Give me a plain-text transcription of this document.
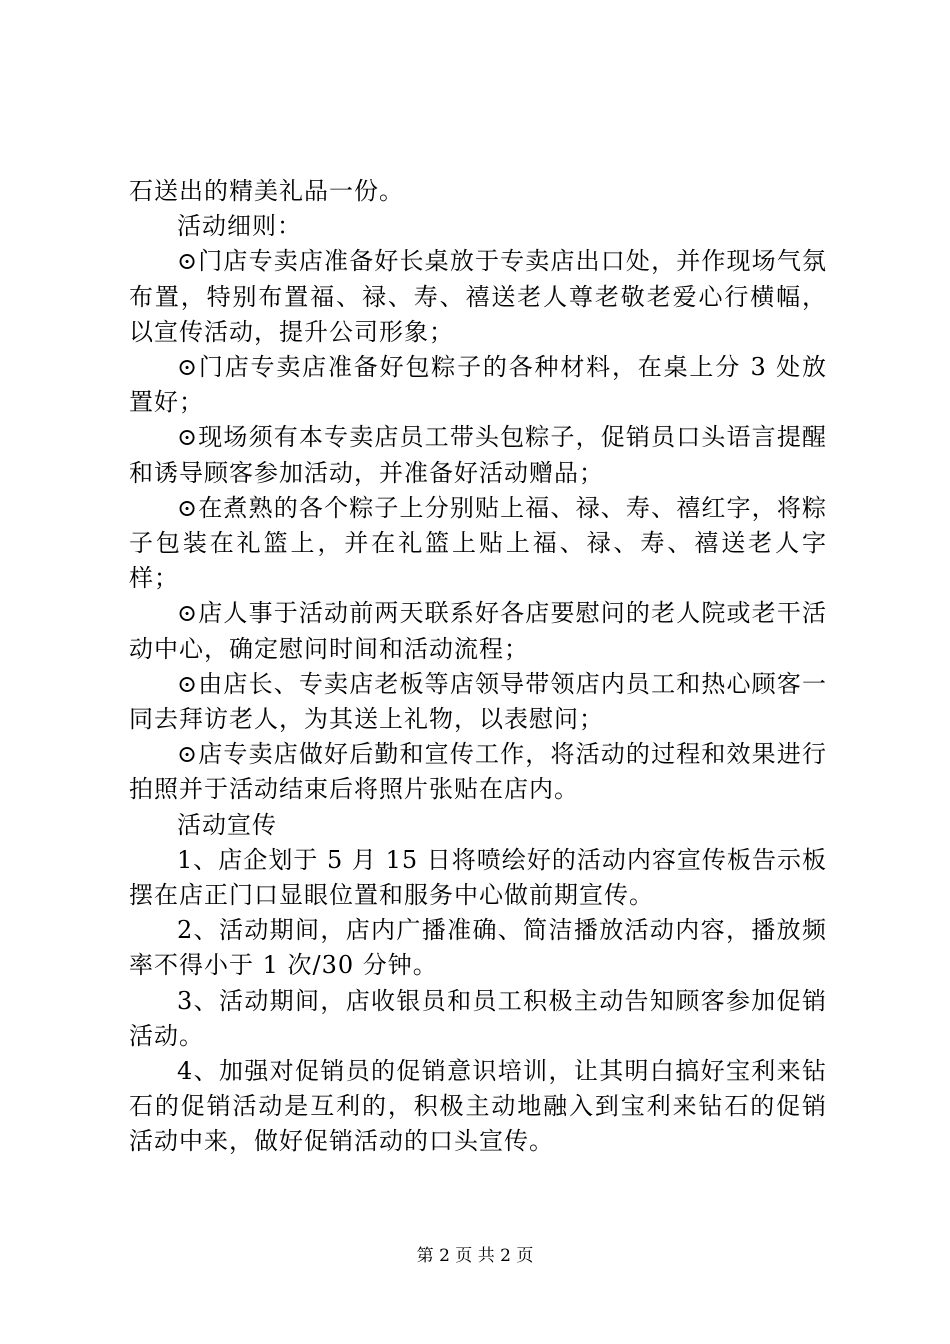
石送出的精美礼品一份。

活动细则：

⊙门店专卖店准备好长桌放于专卖店出口处，并作现场气氛布置，特别布置福、禄、寿、禧送老人尊老敬老爱心行横幅，以宣传活动，提升公司形象；

⊙门店专卖店准备好包粽子的各种材料，在桌上分 3 处放置好；

⊙现场须有本专卖店员工带头包粽子，促销员口头语言提醒和诱导顾客参加活动，并准备好活动赠品；

⊙在煮熟的各个粽子上分别贴上福、禄、寿、禧红字，将粽子包装在礼篮上，并在礼篮上贴上福、禄、寿、禧送老人字样；

⊙店人事于活动前两天联系好各店要慰问的老人院或老干活动中心，确定慰问时间和活动流程；

⊙由店长、专卖店老板等店领导带领店内员工和热心顾客一同去拜访老人，为其送上礼物，以表慰问；

⊙店专卖店做好后勤和宣传工作，将活动的过程和效果进行拍照并于活动结束后将照片张贴在店内。

活动宣传

1、店企划于 5 月 15 日将喷绘好的活动内容宣传板告示板摆在店正门口显眼位置和服务中心做前期宣传。

2、活动期间，店内广播准确、简洁播放活动内容，播放频率不得小于 1 次/30 分钟。

3、活动期间，店收银员和员工积极主动告知顾客参加促销活动。

4、加强对促销员的促销意识培训，让其明白搞好宝利来钻石的促销活动是互利的，积极主动地融入到宝利来钻石的促销活动中来，做好促销活动的口头宣传。

第 2 页 共 2 页
